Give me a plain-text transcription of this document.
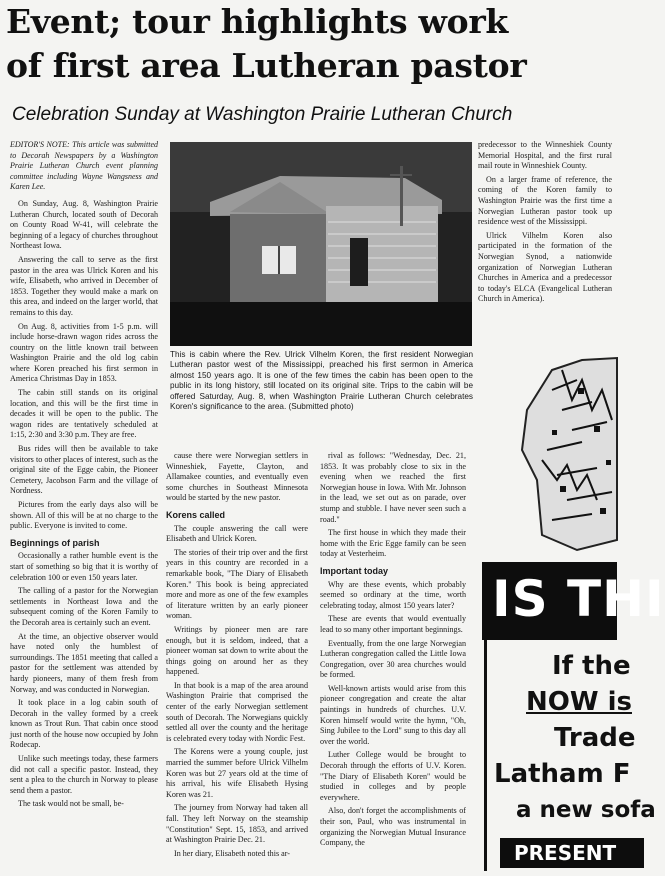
Event; tour highlights work
of first area Lutheran pastor
Celebration Sunday at Washington Prairie Lutheran Church

EDITOR'S NOTE: This article was submitted to Decorah Newspapers by a Washington Prairie Lutheran Church event planning committee including Wayne Wangsness and Karen Lee.

On Sunday, Aug. 8, Washington Prairie Lutheran Church, located south of Decorah on County Road W-41, will celebrate the beginning of a legacy of churches throughout Northeast Iowa.

Answering the call to serve as the first pastor in the area was Ulrick Koren and his wife, Elisabeth, who arrived in December of 1853. Together they would make a mark on this area, and indeed on the larger world, that remains to this day.

On Aug. 8, activities from 1-5 p.m. will include horse-drawn wagon rides across the country on the little known trail between Washington Prairie and the old log cabin where Koren preached his first sermon in America Christmas Day in 1853.

The cabin still stands on its original location, and this will be the first time in decades it will be open to the public. The wagon rides are tentatively scheduled at 1:15, 2:30 and 3:30 p.m. They are free.

Bus rides will then be available to take visitors to other places of interest, such as the original site of the Egge cabin, the Pioneer Cemetery, Jacobson Farm and the village of Nordness.

Pictures from the early days also will be shown. All of this will be at no charge to the public. Everyone is invited to come.

Beginnings of parish

Occasionally a rather humble event is the start of something so big that it is worthy of celebration 100 or even 150 years later.

The calling of a pastor for the Norwegian settlements in Northeast Iowa and the subsequent coming of the Koren Family to the Decorah area is certainly such an event.

At the time, an objective observer would have noted only the humblest of surroundings. The 1851 meeting that called a pastor for the settlement was attended by hardy pioneers, many of them fresh from Norway, and was conducted in Norwegian.

It took place in a log cabin south of Decorah in the valley formed by a creek known as Trout Run. That cabin once stood just north of the house now occupied by John Rodecap.

Unlike such meetings today, these farmers did not call a specific pastor. Instead, they sent a plea to the church in Norway to please send them a pastor.

The task would not be small, be-

This is cabin where the Rev. Ulrick Vilhelm Koren, the first resident Norwegian Lutheran pastor west of the Mississippi, preached his first sermon in America almost 150 years ago. It is one of the few times the cabin has been open to the public in its long history, still located on its original site. Trips to the cabin will be offered Saturday, Aug. 8, when Washington Prairie Lutheran Church celebrates Koren's significance to the area. (Submitted photo)

cause there were Norwegian settlers in Winneshiek, Fayette, Clayton, and Allamakee counties, and eventually even some churches in Southeast Minnesota would be started by the new pastor.

Korens called

The couple answering the call were Elisabeth and Ulrick Koren.

The stories of their trip over and the first years in this country are recorded in a remarkable book, "The Diary of Elisabeth Koren." This book is being appreciated more and more as one of the few examples of literature written by an early pioneer woman.

Writings by pioneer men are rare enough, but it is seldom, indeed, that a pioneer woman sat down to write about the things going on around her as they happened.

In that book is a map of the area around Washington Prairie that comprised the center of the early Norwegian settlement south of Decorah. The Norwegians quickly settled all over the county and the heritage is celebrated every today with Nordic Fest.

The Korens were a young couple, just married the summer before Ulrick Vilhelm Koren was but 27 years old at the time of his arrival, his wife Elisabeth Hysing Koren was 21.

The journey from Norway had taken all fall. They left Norway on the steamship "Constitution" Sept. 15, 1853, and arrived at Washington Prairie Dec. 21.

In her diary, Elisabeth noted this ar-

rival as follows: "Wednesday, Dec. 21, 1853. It was probably close to six in the evening when we reached the first Norwegian house in Iowa. With Mr. Johnson in the lead, we set out as on parade, over stump and stubble. I have never seen such a road."

The first house in which they made their home with the Eric Egge family can be seen today at Vesterheim.

Important today

Why are these events, which probably seemed so ordinary at the time, worth celebrating today, almost 150 years later?

These are events that would eventually lead to so many other important beginnings.

Eventually, from the one large Norwegian Lutheran congregation called the Little Iowa Congregation, over 30 area churches would be formed.

Well-known artists would arise from this pioneer congregation and create the altar paintings in hundreds of churches. U.V. Koren himself would write the hymn, "Oh, Sing Jubilee to the Lord" sung to this day all over the world.

Luther College would be brought to Decorah through the efforts of U.V. Koren. "The Diary of Elisabeth Koren" would be studied in colleges and by people everywhere.

Also, don't forget the accomplishments of their son, Paul, who was instrumental in organizing the Norwegian Mutual Insurance Company, the

predecessor to the Winneshiek County Memorial Hospital, and the first rural mail route in Winneshiek County.

On a larger frame of reference, the coming of the Koren family to Washington Prairie was the first time a Norwegian Lutheran pastor took up residence west of the Mississippi.

Ulrick Vilhelm Koren also participated in the formation of the Norwegian Synod, a nationwide organization of Norwegian Lutheran Churches in America and a predecessor to today's ELCA (Evangelical Lutheran Church in America).

IS THI
If the
NOW is
Trade
Latham F
a new sofa
PRESENT
